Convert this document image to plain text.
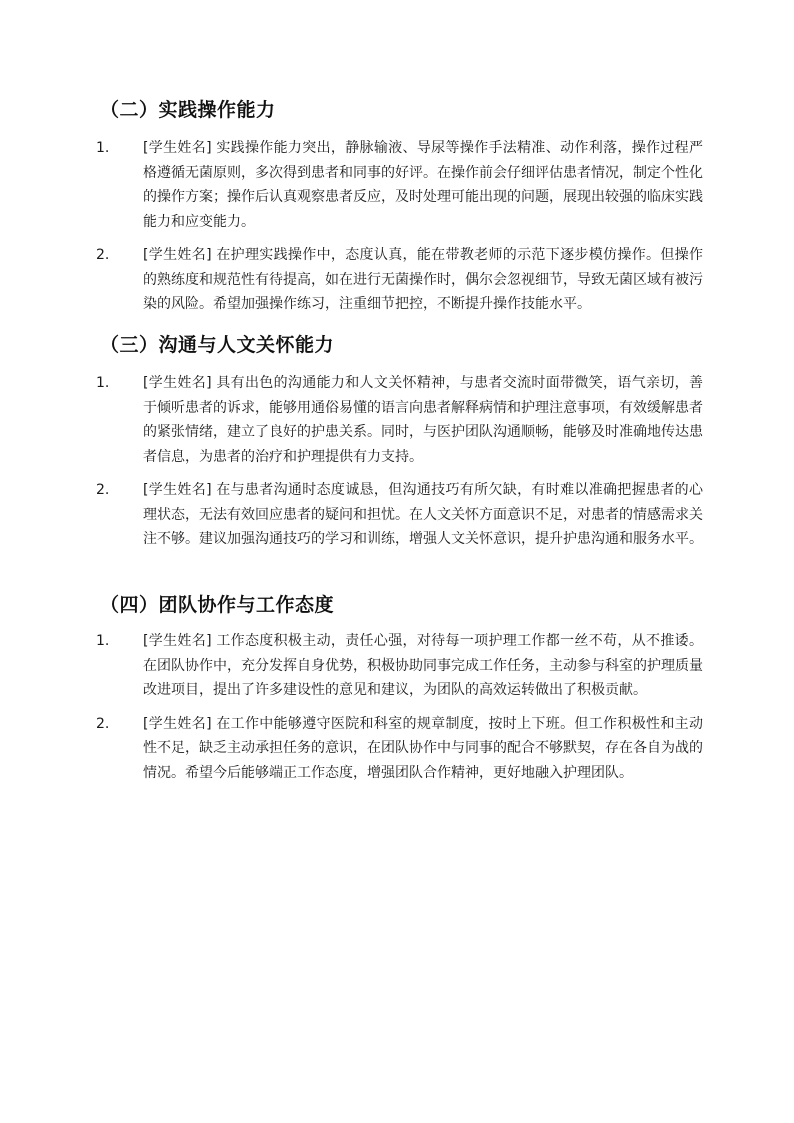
（二）实践操作能力
1. [学生姓名] 实践操作能力突出，静脉输液、导尿等操作手法精准、动作利落，操作过程严格遵循无菌原则，多次得到患者和同事的好评。在操作前会仔细评估患者情况，制定个性化的操作方案；操作后认真观察患者反应，及时处理可能出现的问题，展现出较强的临床实践能力和应变能力。
2. [学生姓名] 在护理实践操作中，态度认真，能在带教老师的示范下逐步模仿操作。但操作的熟练度和规范性有待提高，如在进行无菌操作时，偶尔会忽视细节，导致无菌区域有被污染的风险。希望加强操作练习，注重细节把控，不断提升操作技能水平。
（三）沟通与人文关怀能力
1. [学生姓名] 具有出色的沟通能力和人文关怀精神，与患者交流时面带微笑，语气亲切，善于倾听患者的诉求，能够用通俗易懂的语言向患者解释病情和护理注意事项，有效缓解患者的紧张情绪，建立了良好的护患关系。同时，与医护团队沟通顺畅，能够及时准确地传达患者信息，为患者的治疗和护理提供有力支持。
2. [学生姓名] 在与患者沟通时态度诚恳，但沟通技巧有所欠缺，有时难以准确把握患者的心理状态，无法有效回应患者的疑问和担忧。在人文关怀方面意识不足，对患者的情感需求关注不够。建议加强沟通技巧的学习和训练，增强人文关怀意识，提升护患沟通和服务水平。
（四）团队协作与工作态度
1. [学生姓名] 工作态度积极主动，责任心强，对待每一项护理工作都一丝不苟，从不推诿。在团队协作中，充分发挥自身优势，积极协助同事完成工作任务，主动参与科室的护理质量改进项目，提出了许多建设性的意见和建议，为团队的高效运转做出了积极贡献。
2. [学生姓名] 在工作中能够遵守医院和科室的规章制度，按时上下班。但工作积极性和主动性不足，缺乏主动承担任务的意识，在团队协作中与同事的配合不够默契，存在各自为战的情况。希望今后能够端正工作态度，增强团队合作精神，更好地融入护理团队。
